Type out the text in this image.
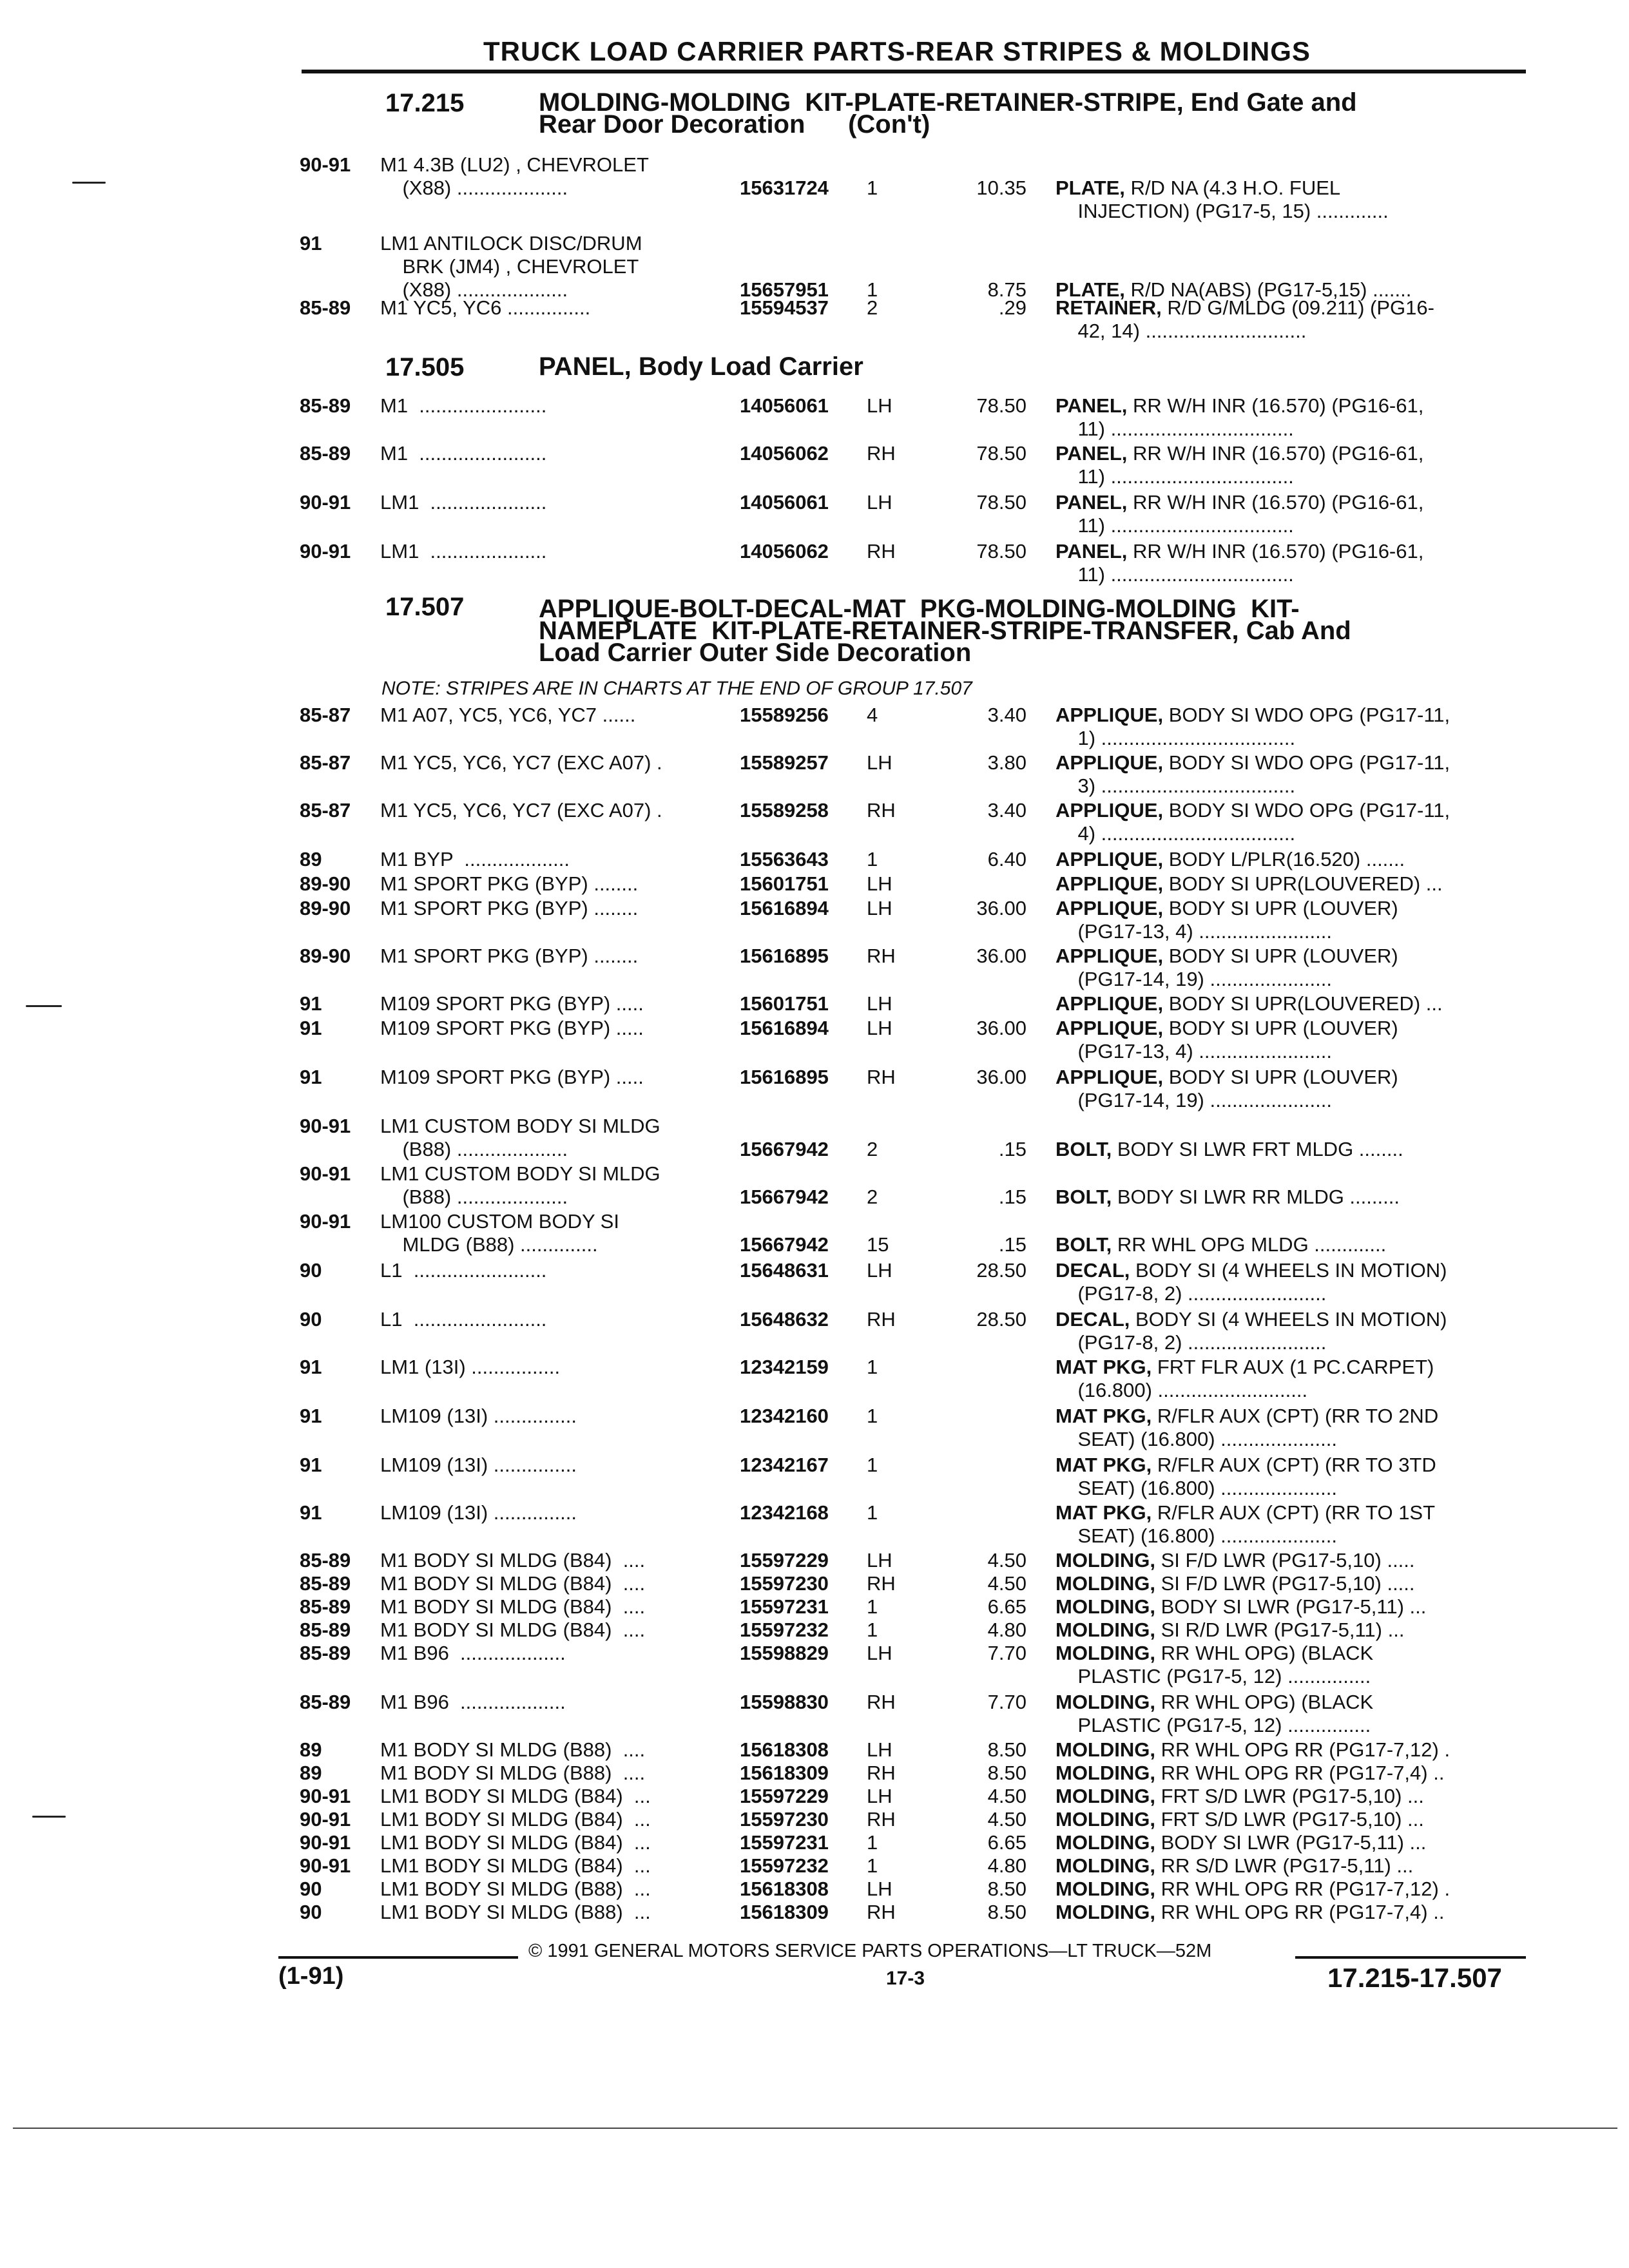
TRUCK LOAD CARRIER PARTS-REAR STRIPES & MOLDINGS
17.215	MOLDING-MOLDING  KIT-PLATE-RETAINER-STRIPE, End Gate and
Rear Door Decoration      (Con't)
17.505	PANEL, Body Load Carrier
17.507	APPLIQUE-BOLT-DECAL-MAT  PKG-MOLDING-MOLDING  KIT-
NAMEPLATE  KIT-PLATE-RETAINER-STRIPE-TRANSFER, Cab And
Load Carrier Outer Side Decoration
NOTE: STRIPES ARE IN CHARTS AT THE END OF GROUP 17.507
90-91 M1 4.3B (LU2) , CHEVROLET
(X88) ....................	15631724 1	10.35 PLATE, R/D NA (4.3 H.O. FUEL
INJECTION) (PG17-5, 15) .............
91	LM1 ANTILOCK DISC/DRUM
BRK (JM4) , CHEVROLET
(X88) ....................	15657951 1	8.75 PLATE, R/D NA(ABS) (PG17-5,15) .......
85-89 M1 YC5, YC6 ...............	15594537 2	.29 RETAINER, R/D G/MLDG (09.211) (PG16-
42, 14) .............................
85-89 M1  .......................	14056061 LH	78.50 PANEL, RR W/H INR (16.570) (PG16-61,
11) .................................
85-89 M1  .......................	14056062 RH	78.50 PANEL, RR W/H INR (16.570) (PG16-61,
11) .................................
90-91 LM1  .....................	14056061 LH	78.50 PANEL, RR W/H INR (16.570) (PG16-61,
11) .................................
90-91 LM1  .....................	14056062 RH	78.50 PANEL, RR W/H INR (16.570) (PG16-61,
11) .................................
85-87 M1 A07, YC5, YC6, YC7 ......	15589256 4	3.40 APPLIQUE, BODY SI WDO OPG (PG17-11,
1) ...................................
85-87 M1 YC5, YC6, YC7 (EXC A07) .	15589257 LH	3.80 APPLIQUE, BODY SI WDO OPG (PG17-11,
3) ...................................
85-87 M1 YC5, YC6, YC7 (EXC A07) .	15589258 RH	3.40 APPLIQUE, BODY SI WDO OPG (PG17-11,
4) ...................................
89	M1 BYP  ...................	15563643 1	6.40 APPLIQUE, BODY L/PLR(16.520) .......
89-90 M1 SPORT PKG (BYP) ........	15601751 LH	APPLIQUE, BODY SI UPR(LOUVERED) ...
89-90 M1 SPORT PKG (BYP) ........	15616894 LH	36.00 APPLIQUE, BODY SI UPR (LOUVER)
(PG17-13, 4) ........................
89-90 M1 SPORT PKG (BYP) ........	15616895 RH	36.00 APPLIQUE, BODY SI UPR (LOUVER)
(PG17-14, 19) ......................
91	M109 SPORT PKG (BYP) .....	15601751 LH	APPLIQUE, BODY SI UPR(LOUVERED) ...
91	M109 SPORT PKG (BYP) .....	15616894 LH	36.00 APPLIQUE, BODY SI UPR (LOUVER)
(PG17-13, 4) ........................
91	M109 SPORT PKG (BYP) .....	15616895 RH	36.00 APPLIQUE, BODY SI UPR (LOUVER)
(PG17-14, 19) ......................
90-91 LM1 CUSTOM BODY SI MLDG
(B88) ....................	15667942 2	.15 BOLT, BODY SI LWR FRT MLDG ........
90-91 LM1 CUSTOM BODY SI MLDG
(B88) ....................	15667942 2	.15 BOLT, BODY SI LWR RR MLDG .........
90-91 LM100 CUSTOM BODY SI
MLDG (B88) ..............	15667942 15	.15 BOLT, RR WHL OPG MLDG .............
90	L1  ........................	15648631 LH	28.50 DECAL, BODY SI (4 WHEELS IN MOTION)
(PG17-8, 2) .........................
90	L1  ........................	15648632 RH	28.50 DECAL, BODY SI (4 WHEELS IN MOTION)
(PG17-8, 2) .........................
91	LM1 (13I) ................	12342159 1	MAT PKG, FRT FLR AUX (1 PC.CARPET)
(16.800) ...........................
91	LM109 (13I) ...............	12342160 1	MAT PKG, R/FLR AUX (CPT) (RR TO 2ND
SEAT) (16.800) .....................
91	LM109 (13I) ...............	12342167 1	MAT PKG, R/FLR AUX (CPT) (RR TO 3TD
SEAT) (16.800) .....................
91	LM109 (13I) ...............	12342168 1	MAT PKG, R/FLR AUX (CPT) (RR TO 1ST
SEAT) (16.800) .....................
85-89 M1 BODY SI MLDG (B84)  ....	15597229 LH	4.50 MOLDING, SI F/D LWR (PG17-5,10) .....
85-89 M1 BODY SI MLDG (B84)  ....	15597230 RH	4.50 MOLDING, SI F/D LWR (PG17-5,10) .....
85-89 M1 BODY SI MLDG (B84)  ....	15597231 1	6.65 MOLDING, BODY SI LWR (PG17-5,11) ...
85-89 M1 BODY SI MLDG (B84)  ....	15597232 1	4.80 MOLDING, SI R/D LWR (PG17-5,11) ...
85-89 M1 B96  ...................	15598829 LH	7.70 MOLDING, RR WHL OPG) (BLACK
PLASTIC (PG17-5, 12) ...............
85-89 M1 B96  ...................	15598830 RH	7.70 MOLDING, RR WHL OPG) (BLACK
PLASTIC (PG17-5, 12) ...............
89	M1 BODY SI MLDG (B88)  ....	15618308 LH	8.50 MOLDING, RR WHL OPG RR (PG17-7,12) .
89	M1 BODY SI MLDG (B88)  ....	15618309 RH	8.50 MOLDING, RR WHL OPG RR (PG17-7,4) ..
90-91 LM1 BODY SI MLDG (B84)  ...	15597229 LH	4.50 MOLDING, FRT S/D LWR (PG17-5,10) ...
90-91 LM1 BODY SI MLDG (B84)  ...	15597230 RH	4.50 MOLDING, FRT S/D LWR (PG17-5,10) ...
90-91 LM1 BODY SI MLDG (B84)  ...	15597231 1	6.65 MOLDING, BODY SI LWR (PG17-5,11) ...
90-91 LM1 BODY SI MLDG (B84)  ...	15597232 1	4.80 MOLDING, RR S/D LWR (PG17-5,11) ...
90	LM1 BODY SI MLDG (B88)  ...	15618308 LH	8.50 MOLDING, RR WHL OPG RR (PG17-7,12) .
90	LM1 BODY SI MLDG (B88)  ...	15618309 RH	8.50 MOLDING, RR WHL OPG RR (PG17-7,4) ..
© 1991 GENERAL MOTORS SERVICE PARTS OPERATIONS—LT TRUCK—52M
(1-91)	17-3	17.215-17.507
